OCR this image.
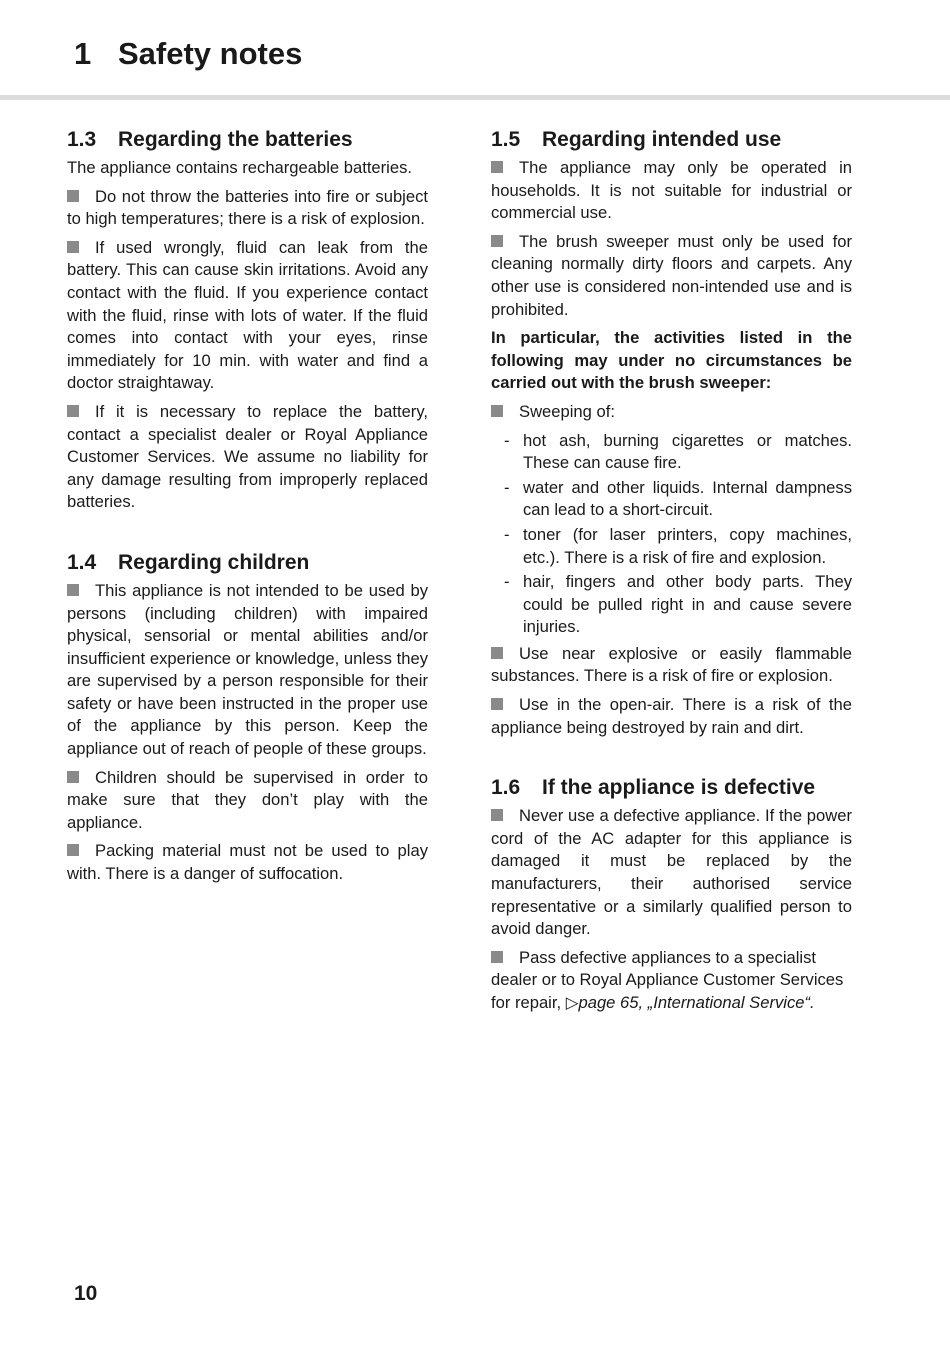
1 Safety notes
1.3 Regarding the batteries

The appliance contains rechargeable batteries.

Do not throw the batteries into fire or subject to high temperatures; there is a risk of explosion.

If used wrongly, fluid can leak from the battery. This can cause skin irritations. Avoid any contact with the fluid. If you experience contact with the fluid, rinse with lots of water. If the fluid comes into contact with your eyes, rinse immediately for 10 min. with water and find a doctor straightaway.

If it is necessary to replace the battery, contact a specialist dealer or Royal Appliance Customer Services. We assume no liability for any damage resulting from improperly replaced batteries.

1.4 Regarding children

This appliance is not intended to be used by persons (including children) with impaired physical, sensorial or mental abilities and/or insufficient experience or knowledge, unless they are supervised by a person responsible for their safety or have been instructed in the proper use of the appliance by this person. Keep the appliance out of reach of people of these groups.

Children should be supervised in order to make sure that they don’t play with the appliance.

Packing material must not be used to play with. There is a danger of suffocation.

1.5 Regarding intended use

The appliance may only be operated in households. It is not suitable for industrial or commercial use.

The brush sweeper must only be used for cleaning normally dirty floors and carpets. Any other use is considered non-intended use and is prohibited.

In particular, the activities listed in the following may under no circumstances be carried out with the brush sweeper:

Sweeping of:

- hot ash, burning cigarettes or matches. These can cause fire.
- water and other liquids. Internal dampness can lead to a short-circuit.
- toner (for laser printers, copy machines, etc.). There is a risk of fire and explosion.
- hair, fingers and other body parts. They could be pulled right in and cause severe injuries.

Use near explosive or easily flammable substances. There is a risk of fire or explosion.

Use in the open-air. There is a risk of the appliance being destroyed by rain and dirt.

1.6 If the appliance is defective

Never use a defective appliance. If the power cord of the AC adapter for this appliance is damaged it must be replaced by the manufacturers, their authorised service representative or a similarly qualified person to avoid danger.

Pass defective appliances to a specialist dealer or to Royal Appliance Customer Services for repair, ▷page 65, „International Service“.

10
